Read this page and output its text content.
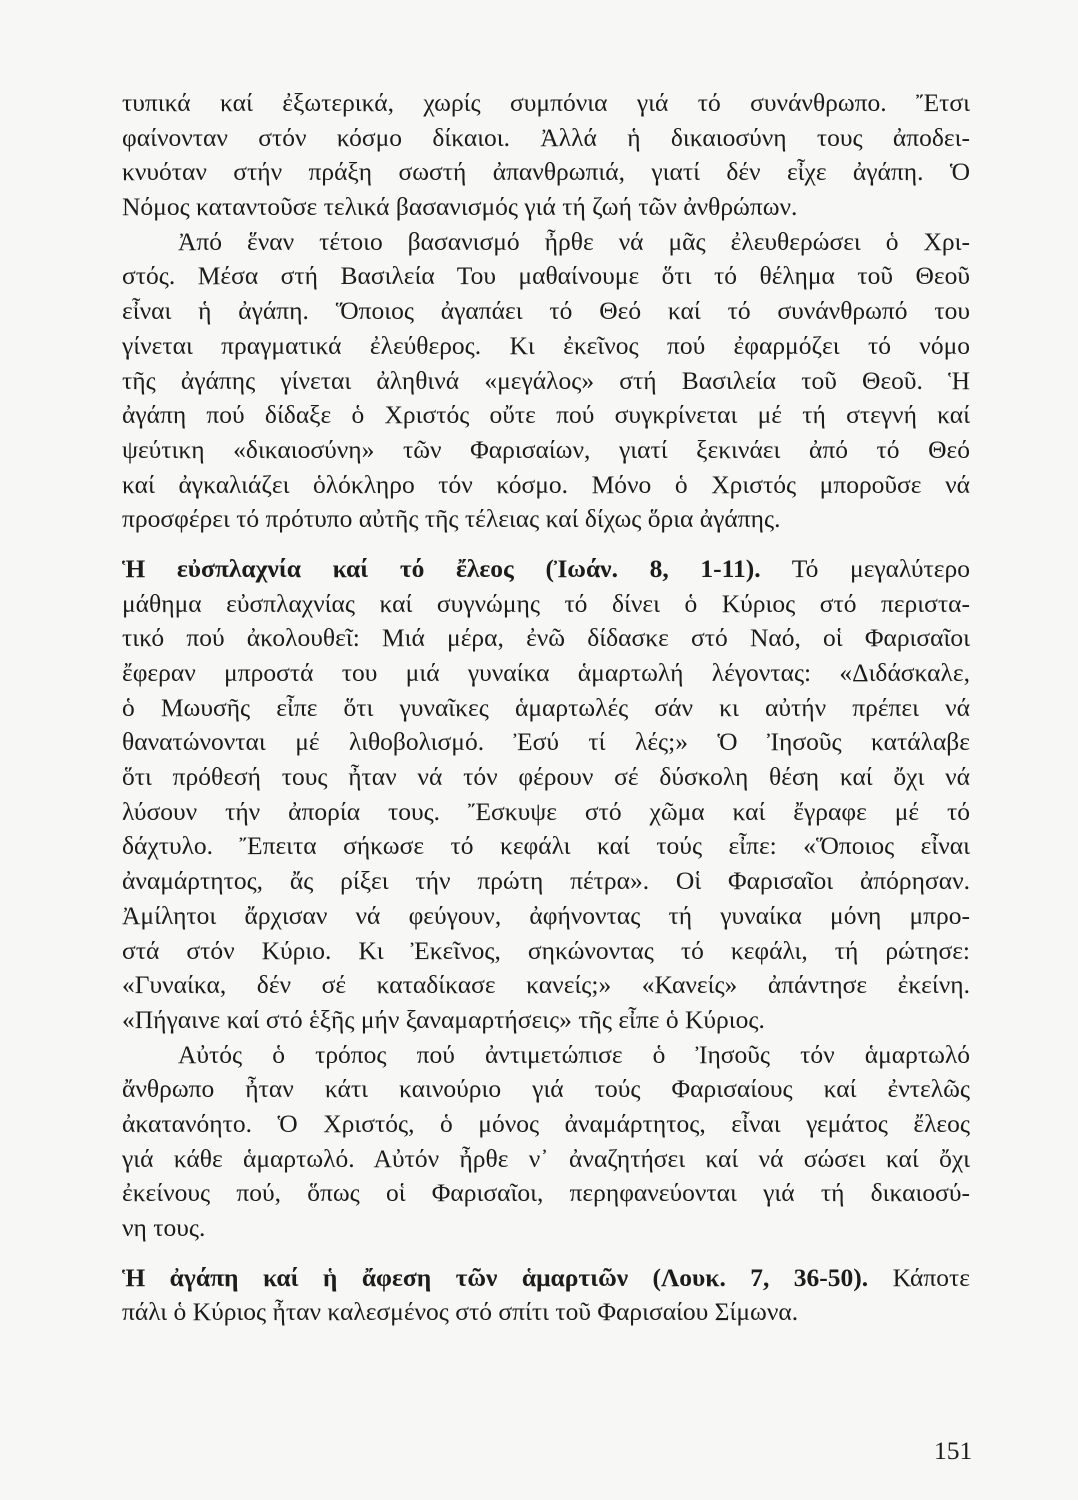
τυπικά καί ἐξωτερικά, χωρίς συμπόνια γιά τό συνάνθρωπο. Ἔτσι
φαίνονταν στόν κόσμο δίκαιοι. Ἀλλά ἡ δικαιοσύνη τους ἀποδει-
κνυόταν στήν πράξη σωστή ἀπανθρωπιά, γιατί δέν εἶχε ἀγάπη. Ὁ
Νόμος καταντοῦσε τελικά βασανισμός γιά τή ζωή τῶν ἀνθρώπων.
Ἀπό ἕναν τέτοιο βασανισμό ἦρθε νά μᾶς ἐλευθερώσει ὁ Χρι-
στός. Μέσα στή Βασιλεία Του μαθαίνουμε ὅτι τό θέλημα τοῦ Θεοῦ
εἶναι ἡ ἀγάπη. Ὅποιος ἀγαπάει τό Θεό καί τό συνάνθρωπό του
γίνεται πραγματικά ἐλεύθερος. Κι ἐκεῖνος πού ἐφαρμόζει τό νόμο
τῆς ἀγάπης γίνεται ἀληθινά «μεγάλος» στή Βασιλεία τοῦ Θεοῦ. Ἡ
ἀγάπη πού δίδαξε ὁ Χριστός οὔτε πού συγκρίνεται μέ τή στεγνή καί
ψεύτικη «δικαιοσύνη» τῶν Φαρισαίων, γιατί ξεκινάει ἀπό τό Θεό
καί ἀγκαλιάζει ὁλόκληρο τόν κόσμο. Μόνο ὁ Χριστός μποροῦσε νά
προσφέρει τό πρότυπο αὐτῆς τῆς τέλειας καί δίχως ὅρια ἀγάπης.
Ἡ εὐσπλαχνία καί τό ἔλεος (Ἰωάν. 8, 1-11). Τό μεγαλύτερο
μάθημα εὐσπλαχνίας καί συγνώμης τό δίνει ὁ Κύριος στό περιστα-
τικό πού ἀκολουθεῖ: Μιά μέρα, ἐνῶ δίδασκε στό Ναό, οἱ Φαρισαῖοι
ἔφεραν μπροστά του μιά γυναίκα ἁμαρτωλή λέγοντας: «Διδάσκαλε,
ὁ Μωυσῆς εἶπε ὅτι γυναῖκες ἁμαρτωλές σάν κι αὐτήν πρέπει νά
θανατώνονται μέ λιθοβολισμό. Ἐσύ τί λές;» Ὁ Ἰησοῦς κατάλαβε
ὅτι πρόθεσή τους ἦταν νά τόν φέρουν σέ δύσκολη θέση καί ὄχι νά
λύσουν τήν ἀπορία τους. Ἔσκυψε στό χῶμα καί ἔγραφε μέ τό
δάχτυλο. Ἔπειτα σήκωσε τό κεφάλι καί τούς εἶπε: «Ὅποιος εἶναι
ἀναμάρτητος, ἄς ρίξει τήν πρώτη πέτρα». Οἱ Φαρισαῖοι ἀπόρησαν.
Ἀμίλητοι ἄρχισαν νά φεύγουν, ἀφήνοντας τή γυναίκα μόνη μπρο-
στά στόν Κύριο. Κι Ἐκεῖνος, σηκώνοντας τό κεφάλι, τή ρώτησε:
«Γυναίκα, δέν σέ καταδίκασε κανείς;» «Κανείς» ἀπάντησε ἐκείνη.
«Πήγαινε καί στό ἑξῆς μήν ξαναμαρτήσεις» τῆς εἶπε ὁ Κύριος.
Αὐτός ὁ τρόπος πού ἀντιμετώπισε ὁ Ἰησοῦς τόν ἁμαρτωλό
ἄνθρωπο ἦταν κάτι καινούριο γιά τούς Φαρισαίους καί ἐντελῶς
ἀκατανόητο. Ὁ Χριστός, ὁ μόνος ἀναμάρτητος, εἶναι γεμάτος ἔλεος
γιά κάθε ἁμαρτωλό. Αὐτόν ἦρθε ν᾽ ἀναζητήσει καί νά σώσει καί ὄχι
ἐκείνους πού, ὅπως οἱ Φαρισαῖοι, περηφανεύονται γιά τή δικαιοσύ-
νη τους.
Ἡ ἀγάπη καί ἡ ἄφεση τῶν ἁμαρτιῶν (Λουκ. 7, 36-50). Κάποτε
πάλι ὁ Κύριος ἦταν καλεσμένος στό σπίτι τοῦ Φαρισαίου Σίμωνα.
151
